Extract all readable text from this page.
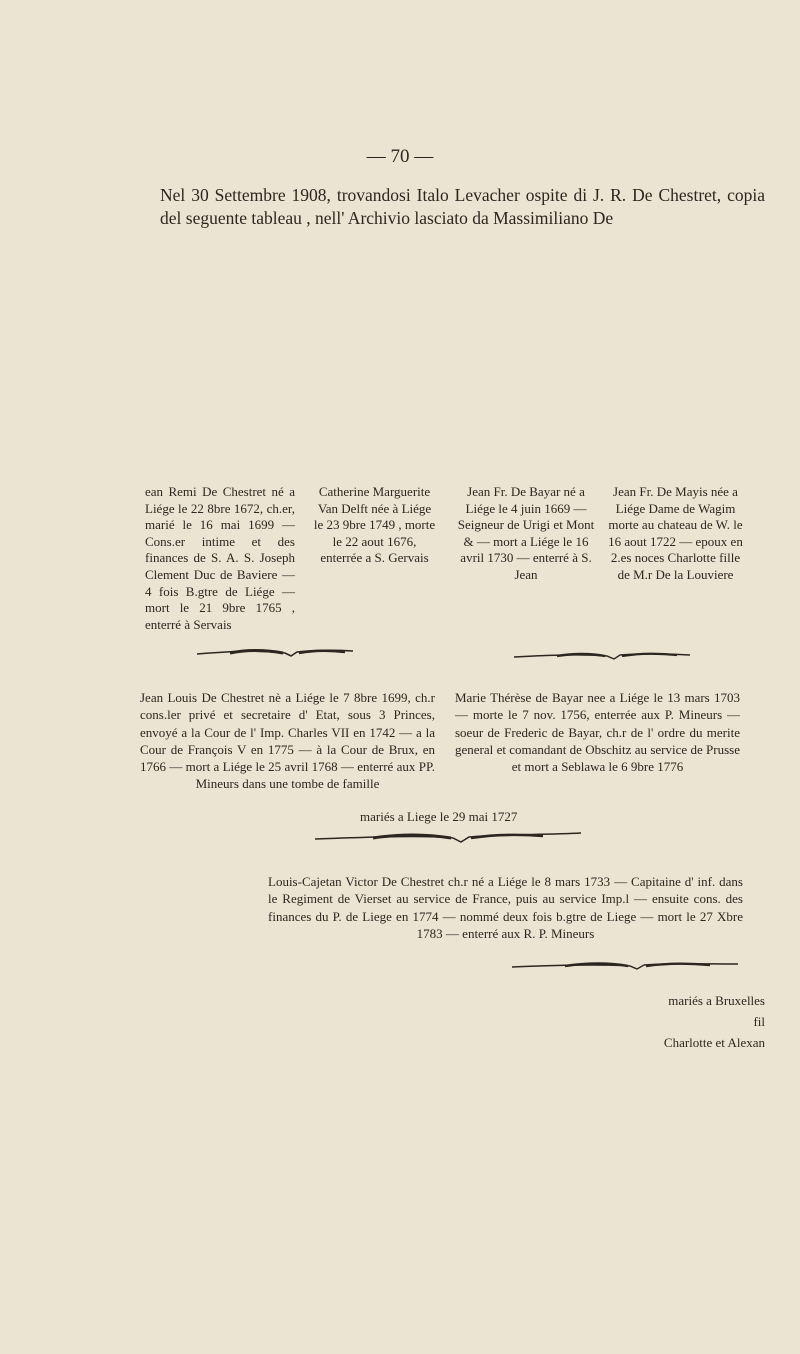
— 70 —
Nel 30 Settembre 1908, trovandosi Italo Levacher ospite di J. R. De Chestret, copia del seguente tableau , nell' Archivio lasciato da Massimiliano De
ean Remi De Chestret né a Liége le 22 8bre 1672, ch.er, marié le 16 mai 1699 — Cons.er intime et des finances de S. A. S. Joseph Clement Duc de Baviere — 4 fois B.gtre de Liége — mort le 21 9bre 1765 , enterré à Servais
Catherine Marguerite Van Delft née à Liége le 23 9bre 1749 , morte le 22 aout 1676, enterrée a S. Gervais
Jean Fr. De Bayar né a Liége le 4 juin 1669 — Seigneur de Urigi et Mont & — mort a Liége le 16 avril 1730 — enterré à S. Jean
Jean Fr. De Mayis née a Liége Dame de Wagim morte au chateau de W. le 16 aout 1722 — epoux en 2.es noces Charlotte fille de M.r De la Louviere
Jean Louis De Chestret nè a Liége le 7 8bre 1699, ch.r cons.ler privé et secretaire d' Etat, sous 3 Princes, envoyé a la Cour de l' Imp. Charles VII en 1742 — a la Cour de François V en 1775 — à la Cour de Brux, en 1766 — mort a Liége le 25 avril 1768 — enterré aux PP. Mineurs dans une tombe de famille
Marie Thérèse de Bayar nee a Liége le 13 mars 1703 — morte le 7 nov. 1756, enterrée aux P. Mineurs — soeur de Frederic de Bayar, ch.r de l' ordre du merite general et comandant de Obschitz au service de Prusse et mort a Seblawa le 6 9bre 1776
mariés a Liege le 29 mai 1727
Louis-Cajetan Victor De Chestret ch.r né a Liége le 8 mars 1733 — Capitaine d' inf. dans le Regiment de Vierset au service de France, puis au service Imp.l — ensuite cons. des finances du P. de Liege en 1774 — nommé deux fois b.gtre de Liege — mort le 27 Xbre 1783 — enterré aux R. P. Mineurs
mariés a Bruxelles
fil
Charlotte et Alexan
